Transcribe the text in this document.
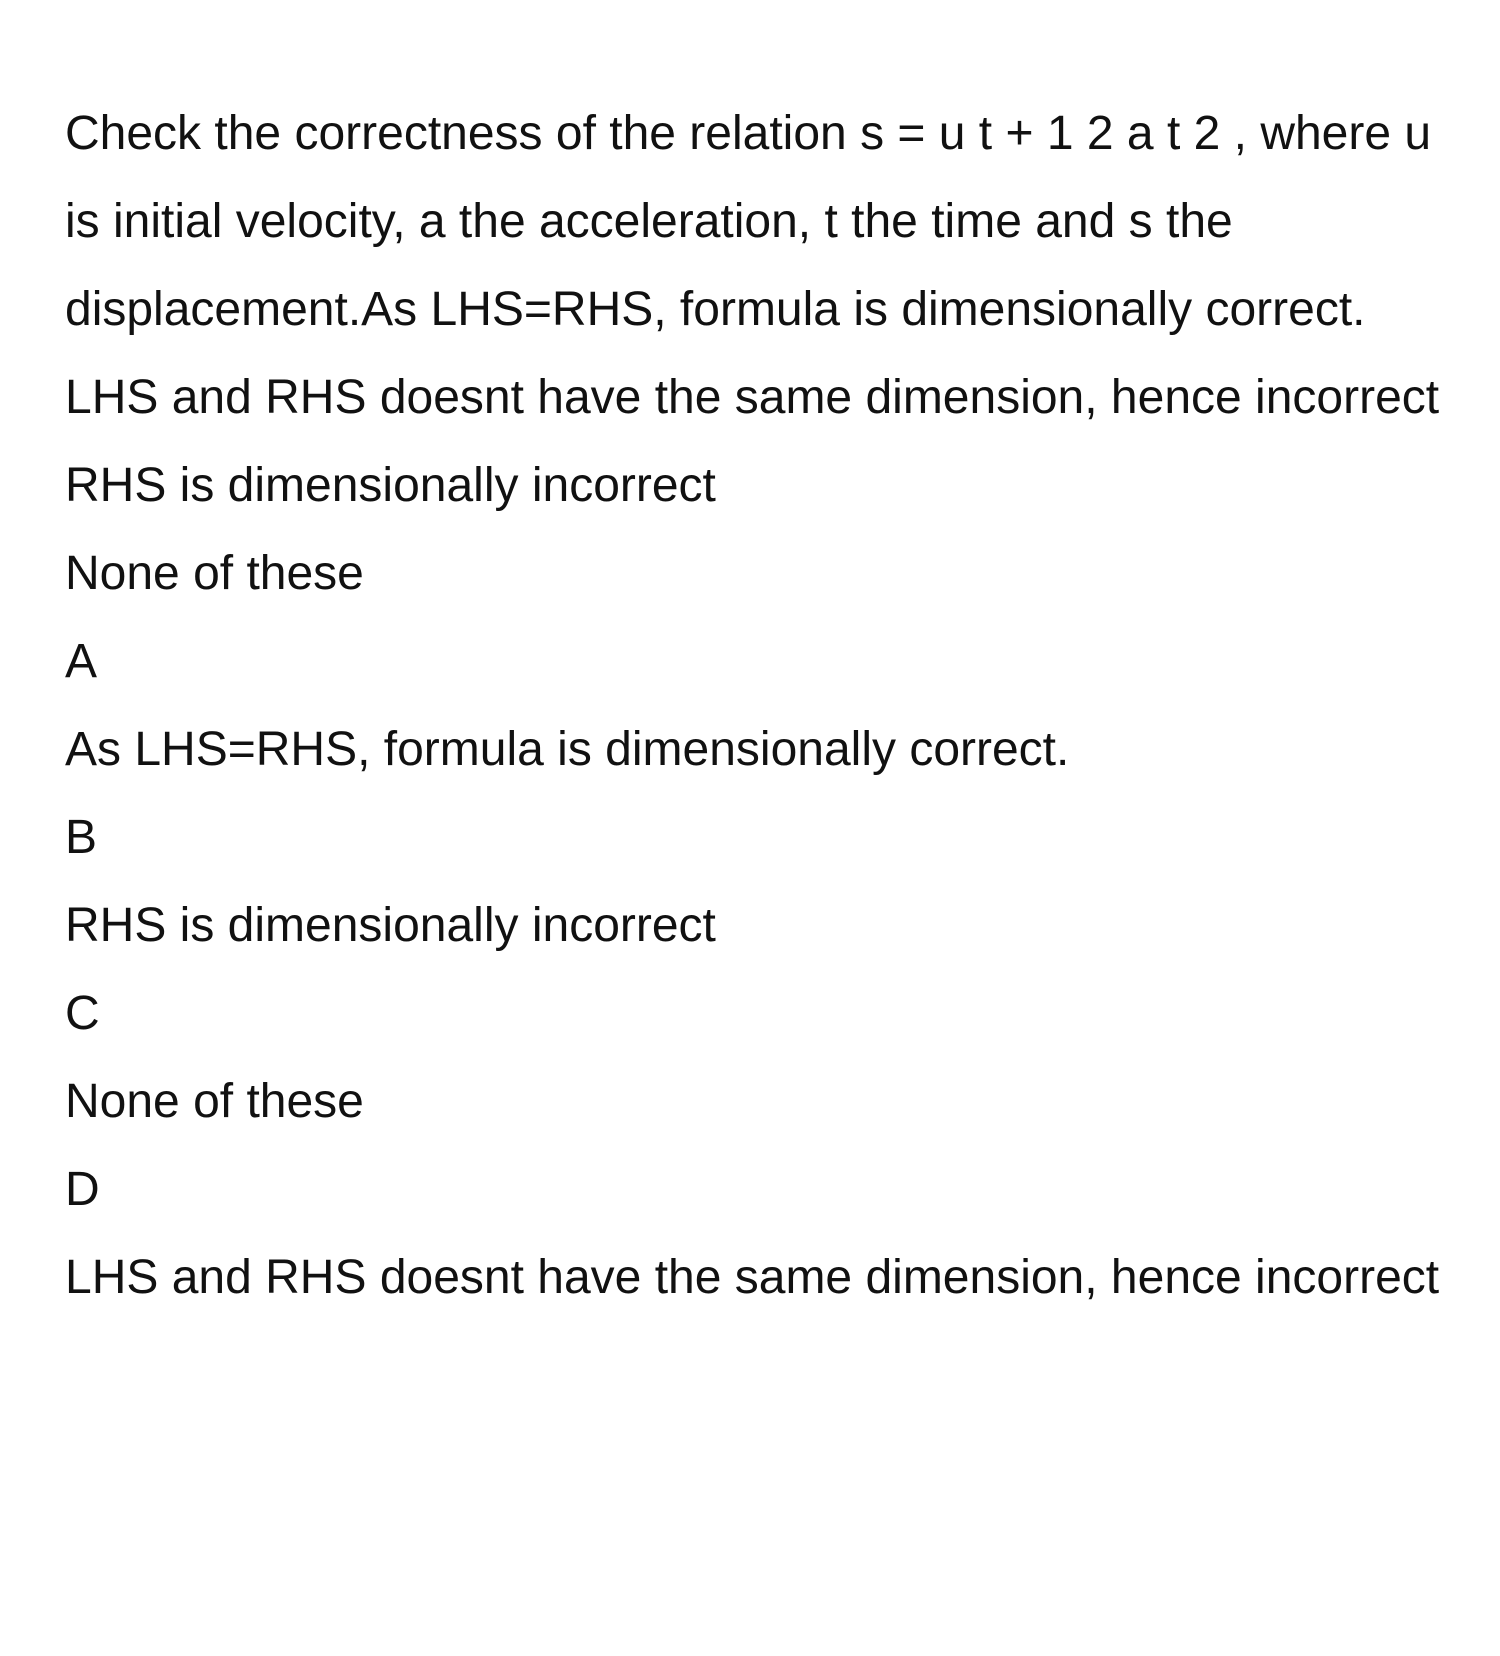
Check the correctness of the relation s = u t + 1 2 a t 2 , where u is initial velocity, a the acceleration, t the time and s the displacement.As LHS=RHS, formula is dimensionally correct.

LHS and RHS doesnt have the same dimension, hence incorrect

RHS is dimensionally incorrect

None of these

A

As LHS=RHS, formula is dimensionally correct.

B

RHS is dimensionally incorrect

C

None of these

D

LHS and RHS doesnt have the same dimension, hence incorrect
